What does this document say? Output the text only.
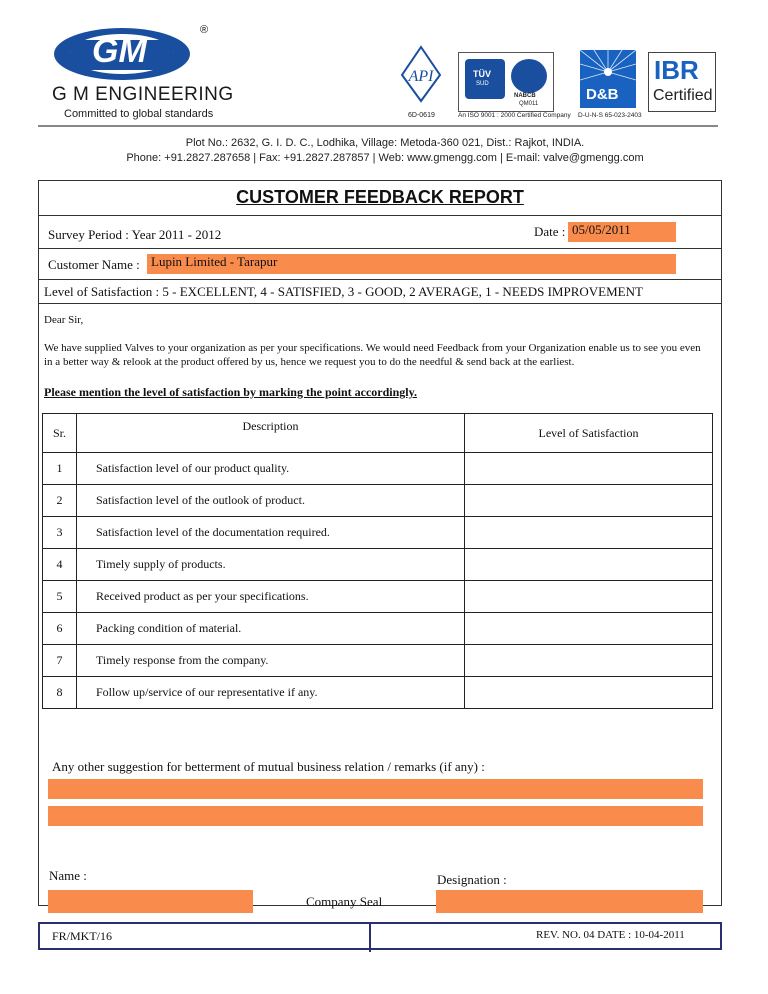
GM
®
G M ENGINEERING
Committed to global standards
API
6D-0619
TÜV
SUD
NABCB
QM011
An ISO 9001 : 2000 Certified Company
D&B
D-U-N-S 65-023-2403
IBR
Certified
Plot No.: 2632, G. I. D. C., Lodhika, Village: Metoda-360 021, Dist.: Rajkot, INDIA.
Phone: +91.2827.287658 | Fax: +91.2827.287857 | Web: www.gmengg.com | E-mail: valve@gmengg.com
CUSTOMER FEEDBACK REPORT
Survey Period : Year 2011 - 2012	Date : 05/05/2011
Customer Name : Lupin Limited - Tarapur
Level of Satisfaction : 5 - EXCELLENT, 4 - SATISFIED, 3 - GOOD, 2 AVERAGE, 1 - NEEDS IMPROVEMENT
Dear Sir,
We have supplied Valves to your organization as per your specifications. We would need Feedback from your Organization enable us to see you even in a better way & relook at the product offered by us, hence we request you to do the needful & send back at the earliest.
Please mention the level of satisfaction by marking the point accordingly.
Sr.	Description	Level of Satisfaction
1	Satisfaction level of our product quality.	
2	Satisfaction level of the outlook of product.	
3	Satisfaction level of the documentation required.	
4	Timely supply of products.	
5	Received product as per your specifications.	
6	Packing condition of material.	
7	Timely response from the company.	
8	Follow up/service of our representative if any.	
Any other suggestion for betterment of mutual business relation / remarks (if any) :
Name :
Company Seal
Designation :
FR/MKT/16	REV. NO. 04 DATE : 10-04-2011
